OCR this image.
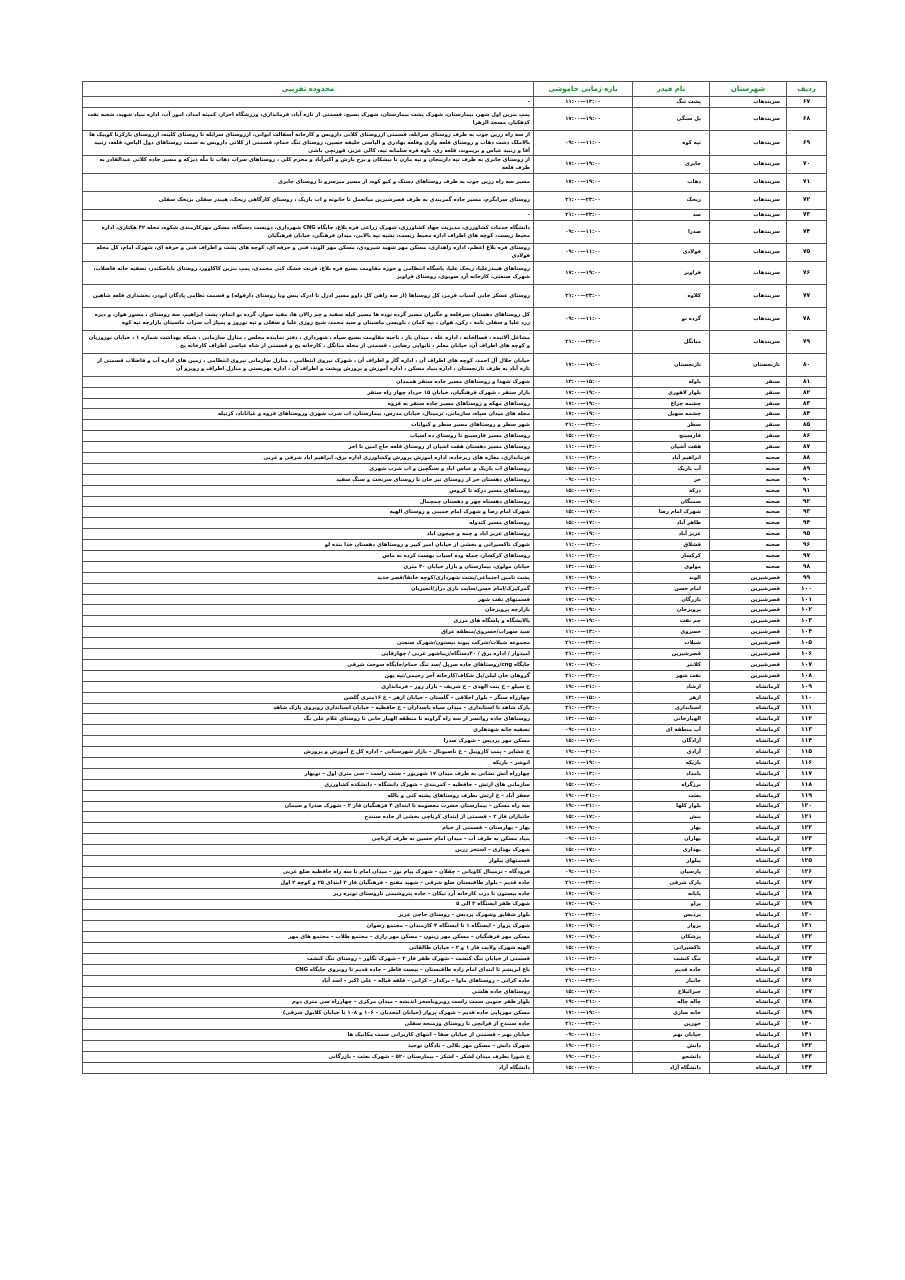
ردیف	شهرستان	نام فیدر	بازه زمانی خاموشی	محدوده تقریبی
۶۷	سربندهاب	پشت تنگ	۱۱:۰۰—۱۳:۰۰	-
۶۸	سربندهاب	پل سنگی	۱۷:۰۰—۱۹:۰۰	پمپ بنزین اول شهر، بیمارستان، شهرک پشت بیمارستان، شهرک بسیج، قسمتی از تازه آباد، فرمانداری، ورزشگاه احرار، کمیته امداد، امور آب، اداره بنیاد شهید، شعبه نفت کدهکبار، مسجد الزهرا
۶۹	سربندهاب	تپه کوه	۰۹:۰۰—۱۱:۰۰	از سه راه زرین جوب به طرف روستای سرابله، قسمتی ازروستای کلاتی داروبس و کارخانه آسفالت ابوانی، ازروستای سرابله تا روستای کلینه، ازروستای بازکرنا کوپیک ها بالاملک دشت ذهاب و روستای قلعه واری وقلعه بهادری و الیاسی خلیفه حسین، روستای تنگ حمام، قسمتی از کلاتی داروبس به سمت روستاهای دول الیاس، قلعه، زنبید آقا و زنبید عباس و بریموند، قلعه ری، ناوه فره سلمانه تپه، کالی عزیز، قورنچی باشی
۷۰	سربندهاب	جابری	۱۷:۰۰—۱۹:۰۰	از روستای جابری به طرف تپه دارینجان و تپه مارن تا بیشکان و برج بارش و اکبرآباد و محرم کلی ، روستاهای سراب ذهاب تا ملّه دیزکه و مسیر جاده کلاتی عبدالقادر به طرف قلعه
۷۱	سربندهاب	ذهاب	۱۷:۰۰—۱۹:۰۰	مسیر سه راه زرین جوب به طرف روستاهای دستک و کیو کوه، از مسیر میرسرو تا روستای جابری
۷۲	سربندهاب	ریخک	۲۱:۰۰—۲۳:۰۰	روستای سرابگرم، مسیر جاده گمربندی به طرف قصرشیرین میانعمل تا خانوته و اب باریک ، روستای کارگاهی ریخک، هیبدر سفلی بریخک سفلی
۷۳	سربندهاب	سد	۲۱:۰۰—۲۳:۰۰	-
۷۴	سربندهاب	صدرا	۰۹:۰۰—۱۱:۰۰	دانشگاه خدمات کشاورزی، مدیریت جهاد کشاورزی، شهرک زراعی فره بلاغ، جایگاه CNG شهرداری، دویست دستگاه، مسکن مهرکارمندی شکوه، محله ۴۲ هکتاری، اداره محیط زیست، کوچه های اطراف اداره محیط زیست، نشیه تپه بالایی، میدان فرهنگی، خیابان فرهنگیان
۷۵	سربندهاب	فولادی	۰۹:۰۰—۱۱:۰۰	روستای فره بلاغ اعظم، اداره راهداری، مسکن مهر شهید شیرودی، مسکن مهر الوند، فنی و حرفه ای، کوچه های پشت و اطراف فنی و حرفه ای، شهرک امام، کل محله فولادی
۷۶	سربندهاب	فراویز	۱۷:۰۰—۱۹:۰۰	روستاهای هیبدرعلیا، ریخک علیا، پاسگاه انتظامی و حوزه مقاومت بسیج فره بلاغ، قرنت خشک کنی محمدی، پمپ بنزین کاکاوور، روستای باباسکندر، تصفیه خانه فاضلاب، شهرک صنعتی، کارخانه آرد صوبوی، روستای فراویز
۷۷	سربندهاب	کلاوه	۲۱:۰۰—۲۳:۰۰	روستای عسکر خانی آسیاب قرمز، کل روستاها (از سه راهی کل داوو مسیر ادرل تا ادرک بنس وبا روستای دارقوله) و قسمت نظامی پادگان ابوذر، بخشداری قلعه شاهین
۷۸	سربندهاب	گرده نو	۰۹:۰۰—۱۱:۰۰	کل روستاهای دهستان سرقلعه و جگیران مسیر گرده نوده ها مسیر کیله سفید و چم زالان ها، مفید سوار، گرده نو اتمام، پشت ابراهیم، سه روستای ، مسور هوار، و دیره زرد علیا و سفلی نامه ، رکن، هوان ، تپه کمان ، باویسی ماسیتان و سید محمد، شیخ روزی علیا و سفلی و تپه نوروز و پمپاژ آب سراب ماسیتان بازارچه تپه کوه
۷۹	سربندهاب	مبانگل	۲۱:۰۰—۲۳:۰۰	مشاغل آلاتیده ، قسالخانه ، اداره غله ، میدان بار ، ناحیه مقاومت بسیج سپاه ، شهرداری ، دفتر نماینده مجلس ، منازل سازمانی ، شبکه بهداشت شماره ۱ ، خیابان نوروزیان و کوچه های اطراف آن، خیابان معلم ، ثانوایی رضایی ، قسمتی از محله مبانگل ، کارخانه یخ و قسمتی از شاه عباسی اطراف کارخانه یخ
۸۰	تازنجستان	تازنجستان	۱۷:۰۰—۱۹:۰۰	خیابان جلال آل احمد، کوچه های اطراف آن ، اداره گاز و اطراف آن ، شهرک نیروی انتظامی ، منازل سازمانی نیروی انتظامی ، زمین های اداره آب و فاضلاب قسمتی از تازه آباد به طرف تازنجستان ، اداره بنیاد مسکن ، اداره آموزش و پرورش وپشت و اطراف آن ، اداره بهزیستی و منازل اطراف و روبرو آن
۸۱	سنقر	باوله	۱۳:۰۰—۱۵:۰۰	شهرک شهدا و روستاهای مسیر جاده ستقر هممدان
۸۲	سنقر	بلوار لاهوری	۱۷:۰۰—۱۹:۰۰	بازار ستقر ، شهرک فرهنگیان، خیابان ۱۵ خرداد چهار راه ستقر
۸۳	سنقر	چشمه چراغ	۱۷:۰۰—۱۹:۰۰	روستاهای مهکه و روستاهای مسیر جاده ستقر به قروه
۸۴	سنقر	چشمه سهیل	۱۷:۰۰—۱۹:۰۰	محله های میدان سپاه، سازمانی، ترمینال، خیابان مدرس، بیمارستان، اب شرب شهری وروستاهای قروه و غیاثاباد، کرتیله
۸۵	سنقر	سطر	۲۱:۰۰—۲۳:۰۰	شهر سطر و روستاهای مسیر سطر و کیوانات
۸۶	سنقر	فارسینج	۱۵:۰۰—۱۷:۰۰	روستاهای مسیر فارسینج تا روستای ده اسیاب
۸۷	سنقر	هفت آشیان	۱۱:۰۰—۱۳:۰۰	روستاهای مسیر دهستان هفت اشیان از روستای قلعه حاج امین تا اخر
۸۸	صحنه	ابراهیم آباد	۱۱:۰۰—۱۳:۰۰	فرمانداری، مغازه های زیرجاده، اداره اموزش پرورش وکشاورزی اداره برق، ابراهیم اباد شرقی و غربی
۸۹	صحنه	آب باریک	۱۵:۰۰—۱۷:۰۰	روستاهای اب باریک و عباس اباد و سنگچین و اب شرب شهری
۹۰	صحنه	حر	۰۹:۰۰—۱۱:۰۰	روستاهای دهستان حر از روستای تیر خان تا روستای سرتخت و سنگ سفید
۹۱	صحنه	درکه	۱۵:۰۰—۱۷:۰۰	روستاهای مسیر درکه تا کروس
۹۲	صحنه	سمنگان	۱۷:۰۰—۱۹:۰۰	روستاهای دهستاه چهر و دهستان چمچمال
۹۳	صحنه	شهرک امام رضا	۱۵:۰۰—۱۷:۰۰	شهرک امام رضا و شهرک امام خمینی و روستای الهیه
۹۴	صحنه	طاهر آباد	۱۵:۰۰—۱۷:۰۰	روستاهای مسیر کندوله
۹۵	صحنه	عزیز آباد	۱۷:۰۰—۱۹:۰۰	روستاهای عزیز اباد و چمه و چیچون اباد
۹۶	صحنه	قشلاق	۱۱:۰۰—۱۳:۰۰	شهرک تاکسیرانی و بخشی از خیابان امیر کبیر و روستاهای دهستان خدا بنده لو
۹۷	صحنه	کرکسار	۱۱:۰۰—۱۳:۰۰	روستاهای کرکسار، جمله وده اسیاب بهست کرده نه ماس
۹۸	صحنه	مولوی	۱۳:۰۰—۱۵:۰۰	خیابان مولوی، بیمارستان و بازار خیابان ۴۰ متری
۹۹	قصرشیرین	الوند	۱۷:۰۰—۱۹:۰۰	پشت تامین اجتماعی/پشت شهرداری/کوچه خانقا/قصر جدید
۱۰۰	قصرشیرین	امام حسن	۲۱:۰۰—۲۳:۰۰	گمرکپرک/امام حسن/سایت بازی دراز/اتحیریان
۱۰۱	قصرشیرین	بازرگان	۱۷:۰۰—۱۹:۰۰	قسمتهای نفت شهر
۱۰۲	قصرشیرین	پرویزخان	۱۷:۰۰—۱۹:۰۰	بازارچه پرویزخان
۱۰۳	قصرشیرین	چم نفت	۱۷:۰۰—۱۹:۰۰	پالایشگاه و پاسگاه های مرزی
۱۰۴	قصرشیرین	خسروی	۱۱:۰۰—۱۳:۰۰	سید سهراب/خسروی/منطقه عراق
۱۰۵	قصرشیرین	شیلات	۲۱:۰۰—۲۳:۰۰	مجموعه شیلات/شرکت پیوند نیستون/شهرک صنعتی
۱۰۶	قصرشیرین	قصرشیرین	۲۱:۰۰—۲۳:۰۰	امیدوار / اداره برق / ۴۰دستگاه/زیباشهر غربی / چهارقاپی
۱۰۷	قصرشیرین	کلانتر	۱۷:۰۰—۱۹:۰۰	جایگاه cng/روستاهای جاده سرپل /سد تنگ حمام/جایگاه سوخت شرقی
۱۰۸	قصرشیرین	نفت شهر	۲۱:۰۰—۲۳:۰۰	گروهان خان لیلی/پل شکاف/کارخانه آجر رحیمی/تپه پهن
۱۰۹	کرمانشاه	ارشاد	۱۹:۰۰—۲۱:۰۰	خ سیلو – خ بنت الهدی – خ شریف – بازار روز – فرمانداری
۱۱۰	کرمانشاه	ازهر	۱۳:۰۰—۱۵:۰۰	چهارراه سنگر – بلوار اخلاقی – گلستان – خیابان ازهر – خ ۱۶متری گلشن
۱۱۱	کرمانشاه	استانداری	۲۱:۰۰—۲۳:۰۰	پارک شاهد تا استانداری – میدان سپاه پاسداران – خ حافظیه – خیابان استانداری روبروی پارک شاهد
۱۱۲	کرمانشاه	الهیارخانی	۱۳:۰۰—۱۵:۰۰	روستاهای جاده روانسر از سه راه گراونه تا منطقه الهیار خانی تا روستای غلام علی بگ
۱۱۳	کرمانشاه	آب منطقه ای	۰۹:۰۰—۱۱:۰۰	تصفیه خانه شهدهلری
۱۱۴	کرمانشاه	آزادگان	۱۵:۰۰—۱۷:۰۰	مسکن مهر پردیس – شهرک صدرا
۱۱۵	کرمانشاه	آزادی	۱۹:۰۰—۲۱:۰۰	خ عشایر – پمپ کازوییل – خ ناصیونال – بازار شهرستانی – اداره کل خ آموزش و پرورش
۱۱۶	کرمانشاه	باریکه	۱۷:۰۰—۱۹:۰۰	انوشر – باریکه
۱۱۷	کرمانشاه	بامداد	۱۱:۰۰—۱۳:۰۰	چهارراه آتش نشانی به طرف میدان ۱۷ شهریور – ستت راست – سی متری اول – توبهار
۱۱۸	کرمانشاه	برزگراه	۱۵:۰۰—۱۷:۰۰	سازمانی های ارتش – حافظیه – کمربندی – شهرک دانشگاه – دانشکده کشاورزی
۱۱۹	کرمانشاه	بعثت	۱۹:۰۰—۲۱:۰۰	جعفر آباد – خ ارتش بطرف روستاهای پشته کنی و بالله
۱۲۰	کرمانشاه	بلوار کلها	۱۹:۰۰—۲۱:۰۰	سه راه مسکن – بیمارستان حضرت معصومه تا ابتدای ۴ فرهنگیان فاز ۲ – شهرک صدرا و سیمان
۱۲۱	کرمانشاه	بنش	۱۵:۰۰—۱۷:۰۰	جانبازان فاز ۲ – قسمتی از ابتدای کرناچی بخشی از جاده سنندج
۱۲۲	کرمانشاه	بهار	۱۷:۰۰—۱۹:۰۰	بهار – بهارستان – قسمتی از خیام
۱۲۳	کرمانشاه	بهاران	۰۹:۰۰—۱۱:۰۰	بنیاد مسکن به طرف آب – میدان امام حسین به طرف کرناچی
۱۲۴	کرمانشاه	بهداری	۱۵:۰۰—۱۷:۰۰	شهرک بهداری – استخر زرین
۱۲۵	کرمانشاه	بیلوار	۱۷:۰۰—۱۹:۰۰	قسمتهای بیلوار
۱۲۶	کرمانشاه	پارسیان	۰۹:۰۰—۱۱:۰۰	فرودگاه – ترمینال کاویانی – چقلان – شهرک پیام نور – میدان امام تا سه راه حافظیه ضلع غربی
۱۲۷	کرمانشاه	پارک شرقی	۲۱:۰۰—۲۳:۰۰	جاده قدیم – بلوار طاقبستان ضلع شرقی – شهید مفتح – فرهنگیان فاز ۲ ابتدای ۲۵ و کوچه ۲ اول
۱۲۸	کرمانشاه	پایانه	۱۷:۰۰—۱۹:۰۰	جاده بیستون تا درب کارخانه آرد نیکان – جاده پتروشیمی تاروستای نوبره ریز
۱۲۹	کرمانشاه	پراو	۱۷:۰۰—۱۹:۰۰	شهرک ظفر ایستگاه ۳ الی ۵
۱۳۰	کرمانشاه	پردیس	۲۱:۰۰—۲۳:۰۰	بلوار شقایق وشهرک پردیس – روستای حاجی عزیز
۱۳۱	کرمانشاه	پرواز	۱۷:۰۰—۱۹:۰۰	شهرک پرواز – ایستگاه ۱ تا ایستگاه ۴ کارمندان – مجتمع رضوان
۱۳۲	کرمانشاه	پزشکان	۱۷:۰۰—۱۹:۰۰	مسکن مهر فرهنگیان – مسکن مهر زینون – مسکن مهر رازی – مجتمع طلاب – مجتمع های مهر
۱۳۳	کرمانشاه	تاکسیرانی	۱۵:۰۰—۱۷:۰۰	الهیه شهرک ولایت فاز ۱ و ۲ – خیابان طالقانی
۱۳۴	کرمانشاه	تنگ کنشت	۱۱:۰۰—۱۳:۰۰	قسمتی از خیابان تنگ کنشت – شهرک ظفر فاز ۳ – شهرک نگاور – روستای تنگ کنشت
۱۳۵	کرمانشاه	جاده قدیم	۱۹:۰۰—۲۱:۰۰	باغ ابریشم تا ابتدای امام زاده طاقبستان – بیست فاطر – جاده قدیم تا روبروی جایگاه CNG
۱۳۶	کرمانشاه	جانباز	۲۱:۰۰—۲۳:۰۰	جاده کرانی – روستاهای ماوا – برکدار – کرانی – قلقه قیاله – علی اکبر – اسد آباد
۱۳۷	کرمانشاه	جبرائیلاخ	۱۵:۰۰—۱۷:۰۰	روستاهای جاده هلشی
۱۳۸	کرمانشاه	چاله چاله	۱۹:۰۰—۲۱:۰۰	بلوار ظفر جنوبی سمت راست روبروباسخر اندیشه – میدان مرکزی – چهارراه سی متری دوم
۱۳۹	کرمانشاه	خانه سازی	۱۷:۰۰—۱۹:۰۰	مسکن مهرپاپی جاده قدیم – شهرک پرواز (خیابان امجدیان – ۱۰۶ و ۱۰۸ تا خیابان کلابول شرقی)
۱۴۰	کرمانشاه	خورین	۲۱:۰۰—۲۳:۰۰	جاده سنندج از قرانچی تا روستای ورمنجه سفلی
۱۴۱	کرمانشاه	خیابان نهم	۰۹:۰۰—۱۱:۰۰	خیابان نهم – قسمتی از خیابان صفا – انتهای کاربرانی سمت مکانیک ها
۱۴۲	کرمانشاه	دانش	۱۹:۰۰—۲۱:۰۰	شهرک دانش – مسکن مهر بلالی – بادگان توحید
۱۴۳	کرمانشاه	دانشجو	۱۹:۰۰—۲۱:۰۰	خ شورا بطرف میدان لشکر – لشکر – بیمارستان ۵۲۰ – شهرک بعثت – بازرگانی
۱۴۴	کرمانشاه	دانشگاه آزاد	۱۵:۰۰—۱۷:۰۰	دانشگاه آزاد
